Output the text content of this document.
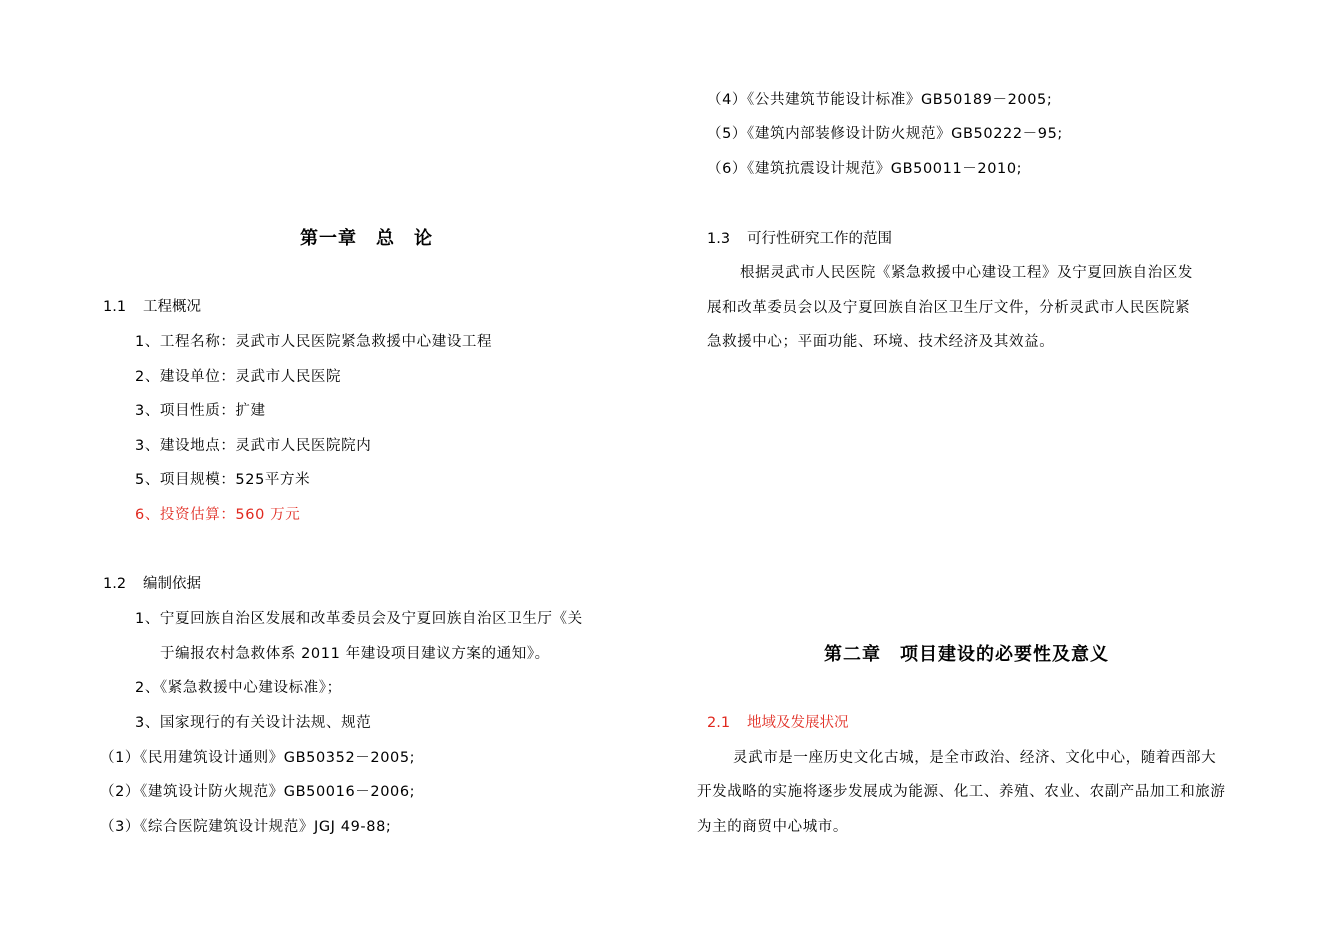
第一章　总　论
1.1 工程概况
1、工程名称：灵武市人民医院紧急救援中心建设工程
2、建设单位：灵武市人民医院
3、项目性质：扩建
3、建设地点：灵武市人民医院院内
5、项目规模：525平方米
6、投资估算：560 万元
1.2 编制依据
1、宁夏回族自治区发展和改革委员会及宁夏回族自治区卫生厅《关
于编报农村急救体系 2011 年建设项目建议方案的通知》。
2、《紧急救援中心建设标准》；
3、国家现行的有关设计法规、规范
（1）《民用建筑设计通则》GB50352－2005;
（2）《建筑设计防火规范》GB50016－2006;
（3）《综合医院建筑设计规范》JGJ 49-88;
（4）《公共建筑节能设计标准》GB50189－2005;
（5）《建筑内部装修设计防火规范》GB50222－95;
（6）《建筑抗震设计规范》GB50011－2010;
1.3 可行性研究工作的范围
根据灵武市人民医院《紧急救援中心建设工程》及宁夏回族自治区发
展和改革委员会以及宁夏回族自治区卫生厅文件，分析灵武市人民医院紧
急救援中心；平面功能、环境、技术经济及其效益。
第二章　项目建设的必要性及意义
2.1 地域及发展状况
灵武市是一座历史文化古城，是全市政治、经济、文化中心，随着西部大
开发战略的实施将逐步发展成为能源、化工、养殖、农业、农副产品加工和旅游
为主的商贸中心城市。
